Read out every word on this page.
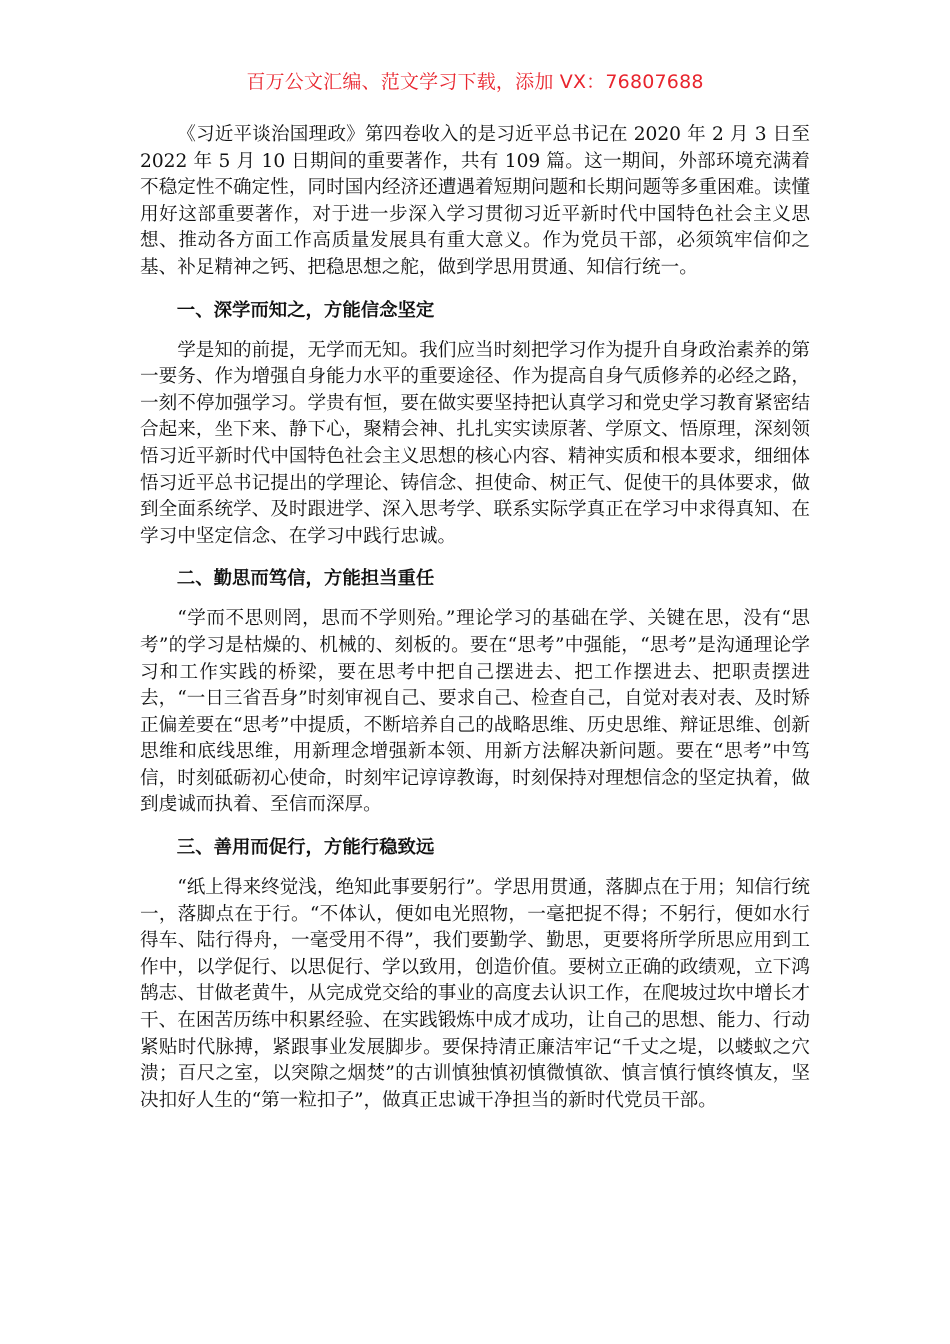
百万公文汇编、范文学习下载，添加 VX：76807688

《习近平谈治国理政》第四卷收入的是习近平总书记在 2020 年 2 月 3 日至 2022 年 5 月 10 日期间的重要著作，共有 109 篇。这一期间，外部环境充满着不稳定性不确定性，同时国内经济还遭遇着短期问题和长期问题等多重困难。读懂用好这部重要著作，对于进一步深入学习贯彻习近平新时代中国特色社会主义思想、推动各方面工作高质量发展具有重大意义。作为党员干部，必须筑牢信仰之基、补足精神之钙、把稳思想之舵，做到学思用贯通、知信行统一。

一、深学而知之，方能信念坚定

学是知的前提，无学而无知。我们应当时刻把学习作为提升自身政治素养的第一要务、作为增强自身能力水平的重要途径、作为提高自身气质修养的必经之路，一刻不停加强学习。学贵有恒，要在做实要坚持把认真学习和党史学习教育紧密结合起来，坐下来、静下心，聚精会神、扎扎实实读原著、学原文、悟原理，深刻领悟习近平新时代中国特色社会主义思想的核心内容、精神实质和根本要求，细细体悟习近平总书记提出的学理论、铸信念、担使命、树正气、促使干的具体要求，做到全面系统学、及时跟进学、深入思考学、联系实际学真正在学习中求得真知、在学习中坚定信念、在学习中践行忠诚。

二、勤思而笃信，方能担当重任

“学而不思则罔，思而不学则殆。”理论学习的基础在学、关键在思，没有“思考”的学习是枯燥的、机械的、刻板的。要在“思考”中强能，“思考”是沟通理论学习和工作实践的桥梁，要在思考中把自己摆进去、把工作摆进去、把职责摆进去，“一日三省吾身”时刻审视自己、要求自己、检查自己，自觉对表对表、及时矫正偏差要在“思考”中提质，不断培养自己的战略思维、历史思维、辩证思维、创新思维和底线思维，用新理念增强新本领、用新方法解决新问题。要在“思考”中笃信，时刻砥砺初心使命，时刻牢记谆谆教诲，时刻保持对理想信念的坚定执着，做到虔诚而执着、至信而深厚。

三、善用而促行，方能行稳致远

“纸上得来终觉浅，绝知此事要躬行”。学思用贯通，落脚点在于用；知信行统一，落脚点在于行。“不体认，便如电光照物，一毫把捉不得；不躬行，便如水行得车、陆行得舟，一毫受用不得”，我们要勤学、勤思，更要将所学所思应用到工作中，以学促行、以思促行、学以致用，创造价值。要树立正确的政绩观，立下鸿鹄志、甘做老黄牛，从完成党交给的事业的高度去认识工作，在爬坡过坎中增长才干、在困苦历练中积累经验、在实践锻炼中成才成功，让自己的思想、能力、行动紧贴时代脉搏，紧跟事业发展脚步。要保持清正廉洁牢记“千丈之堤，以蝼蚁之穴溃；百尺之室，以突隙之烟焚”的古训慎独慎初慎微慎欲、慎言慎行慎终慎友，坚决扣好人生的“第一粒扣子”，做真正忠诚干净担当的新时代党员干部。
